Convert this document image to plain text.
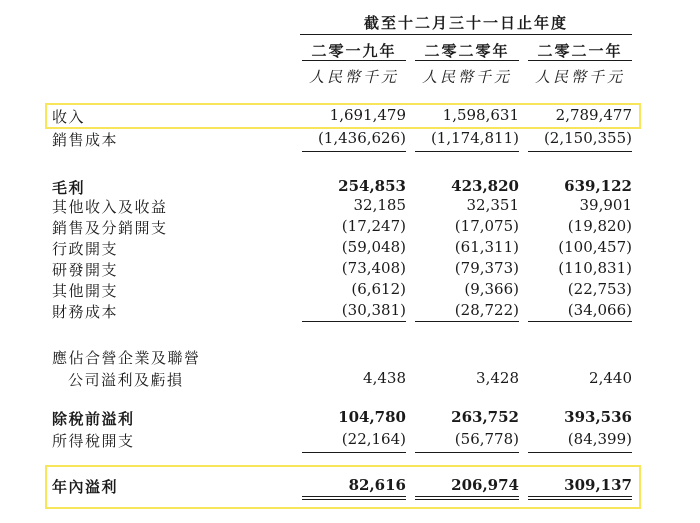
截至十二月三十一日止年度
二零一九年	二零二零年	二零二一年
人民幣千元	人民幣千元	人民幣千元
收入	1,691,479	1,598,631	2,789,477
銷售成本	(1,436,626)	(1,174,811)	(2,150,355)
毛利	254,853	423,820	639,122
其他收入及收益	32,185	32,351	39,901
銷售及分銷開支	(17,247)	(17,075)	(19,820)
行政開支	(59,048)	(61,311)	(100,457)
研發開支	(73,408)	(79,373)	(110,831)
其他開支	(6,612)	(9,366)	(22,753)
財務成本	(30,381)	(28,722)	(34,066)
應佔合營企業及聯營
公司溢利及虧損	4,438	3,428	2,440
除稅前溢利	104,780	263,752	393,536
所得稅開支	(22,164)	(56,778)	(84,399)
年內溢利	82,616	206,974	309,137
